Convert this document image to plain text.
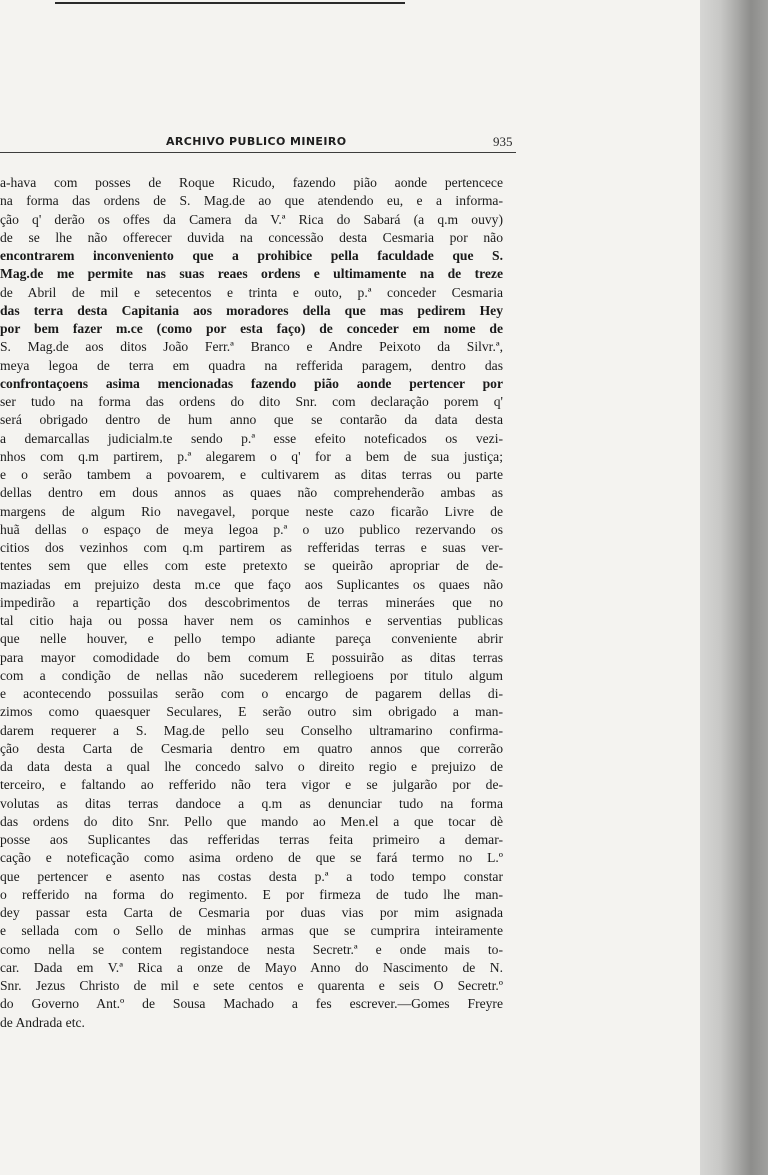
ARCHIVO PUBLICO MINEIRO	935
a-hava com posses de Roque Ricudo, fazendo pião aonde pertencece
na forma das ordens de S. Mag.de ao que atendendo eu, e a informa-
ção q' derão os offes da Camera da V.ª Rica do Sabará (a q.m ouvy)
de se lhe não offerecer duvida na concessão desta Cesmaria por não
encontrarem inconveniento que a prohibice pella faculdade que S.
Mag.de me permite nas suas reaes ordens e ultimamente na de treze
de Abril de mil e setecentos e trinta e outo, p.ª conceder Cesmaria
das terra desta Capitania aos moradores della que mas pedirem Hey
por bem fazer m.ce (como por esta faço) de conceder em nome de
S. Mag.de aos ditos João Ferr.ª Branco e Andre Peixoto da Silvr.ª,
meya legoa de terra em quadra na refferida paragem, dentro das
confrontaçoens asima mencionadas fazendo pião aonde pertencer por
ser tudo na forma das ordens do dito Snr. com declaração porem q'
será obrigado dentro de hum anno que se contarão da data desta
a demarcallas judicialm.te sendo p.ª esse efeito noteficados os vezi-
nhos com q.m partirem, p.ª alegarem o q' for a bem de sua justiça;
e o serão tambem a povoarem, e cultivarem as ditas terras ou parte
dellas dentro em dous annos as quaes não comprehenderão ambas as
margens de algum Rio navegavel, porque neste cazo ficarão Livre de
huã dellas o espaço de meya legoa p.ª o uzo publico rezervando os
citios dos vezinhos com q.m partirem as refferidas terras e suas ver-
tentes sem que elles com este pretexto se queirão apropriar de de-
maziadas em prejuizo desta m.ce que faço aos Suplicantes os quaes não
impedirão a repartição dos descobrimentos de terras mineráes que no
tal citio haja ou possa haver nem os caminhos e serventias publicas
que nelle houver, e pello tempo adiante pareça conveniente abrir
para mayor comodidade do bem comum E possuirão as ditas terras
com a condição de nellas não sucederem rellegioens por titulo algum
e acontecendo possuilas serão com o encargo de pagarem dellas di-
zimos como quaesquer Seculares, E serão outro sim obrigado a man-
darem requerer a S. Mag.de pello seu Conselho ultramarino confirma-
ção desta Carta de Cesmaria dentro em quatro annos que correrão
da data desta a qual lhe concedo salvo o direito regio e prejuizo de
terceiro, e faltando ao refferido não tera vigor e se julgarão por de-
volutas as ditas terras dandoce a q.m as denunciar tudo na forma
das ordens do dito Snr. Pello que mando ao Men.el a que tocar dè
posse aos Suplicantes das refferidas terras feita primeiro a demar-
cação e noteficação como asima ordeno de que se fará termo no L.º
que pertencer e asento nas costas desta p.ª a todo tempo constar
o refferido na forma do regimento. E por firmeza de tudo lhe man-
dey passar esta Carta de Cesmaria por duas vias por mim asignada
e sellada com o Sello de minhas armas que se cumprira inteiramente
como nella se contem registandoce nesta Secretr.ª e onde mais to-
car. Dada em V.ª Rica a onze de Mayo Anno do Nascimento de N.
Snr. Jezus Christo de mil e sete centos e quarenta e seis O Secretr.º
do Governo Ant.º de Sousa Machado a fes escrever.—Gomes Freyre
de Andrada etc.
